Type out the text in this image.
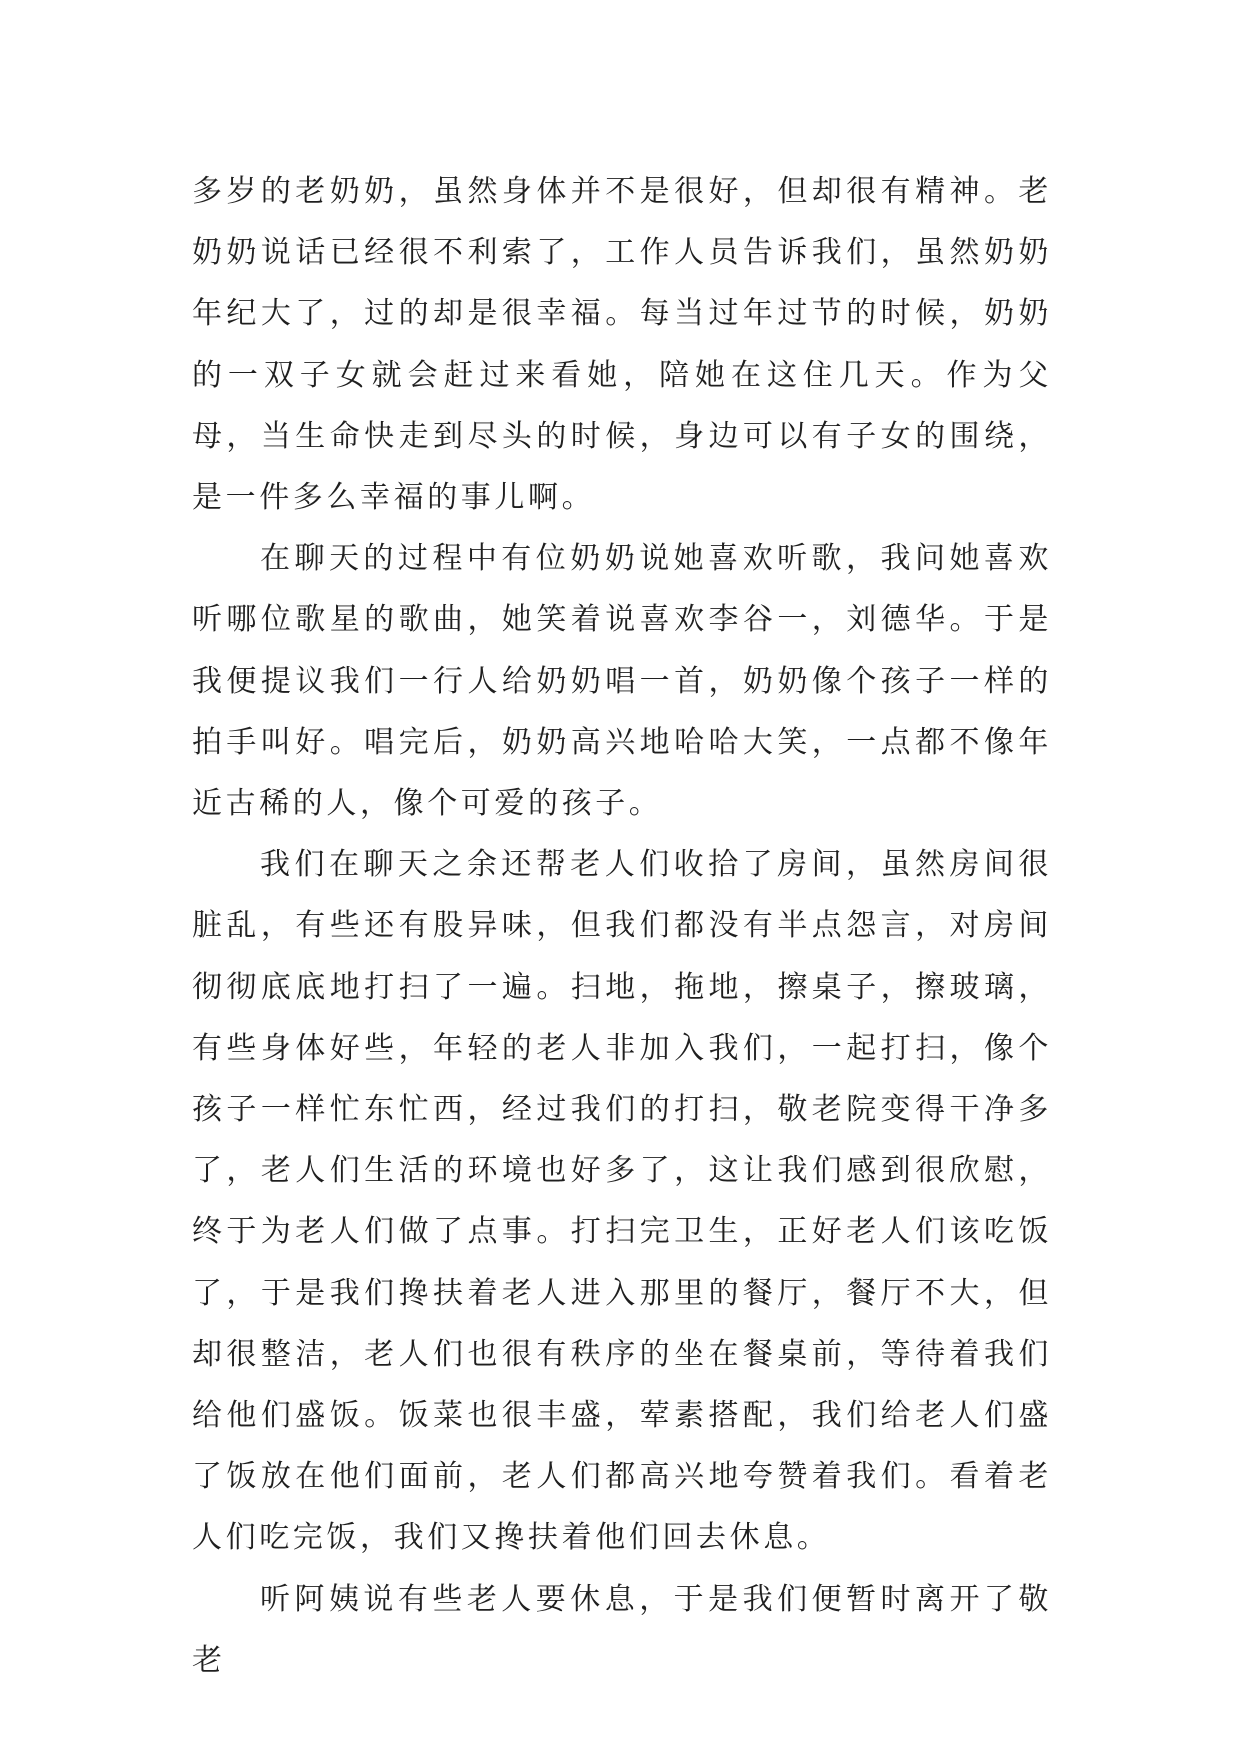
多岁的老奶奶，虽然身体并不是很好，但却很有精神。老奶奶说话已经很不利索了，工作人员告诉我们，虽然奶奶年纪大了，过的却是很幸福。每当过年过节的时候，奶奶的一双子女就会赶过来看她，陪她在这住几天。作为父母，当生命快走到尽头的时候，身边可以有子女的围绕，是一件多么幸福的事儿啊。

在聊天的过程中有位奶奶说她喜欢听歌，我问她喜欢听哪位歌星的歌曲，她笑着说喜欢李谷一，刘德华。于是我便提议我们一行人给奶奶唱一首，奶奶像个孩子一样的拍手叫好。唱完后，奶奶高兴地哈哈大笑，一点都不像年近古稀的人，像个可爱的孩子。

我们在聊天之余还帮老人们收拾了房间，虽然房间很脏乱，有些还有股异味，但我们都没有半点怨言，对房间彻彻底底地打扫了一遍。扫地，拖地，擦桌子，擦玻璃，有些身体好些，年轻的老人非加入我们，一起打扫，像个孩子一样忙东忙西，经过我们的打扫，敬老院变得干净多了，老人们生活的环境也好多了，这让我们感到很欣慰，终于为老人们做了点事。打扫完卫生，正好老人们该吃饭了，于是我们搀扶着老人进入那里的餐厅，餐厅不大，但却很整洁，老人们也很有秩序的坐在餐桌前，等待着我们给他们盛饭。饭菜也很丰盛，荤素搭配，我们给老人们盛了饭放在他们面前，老人们都高兴地夸赞着我们。看着老人们吃完饭，我们又搀扶着他们回去休息。

听阿姨说有些老人要休息，于是我们便暂时离开了敬老
